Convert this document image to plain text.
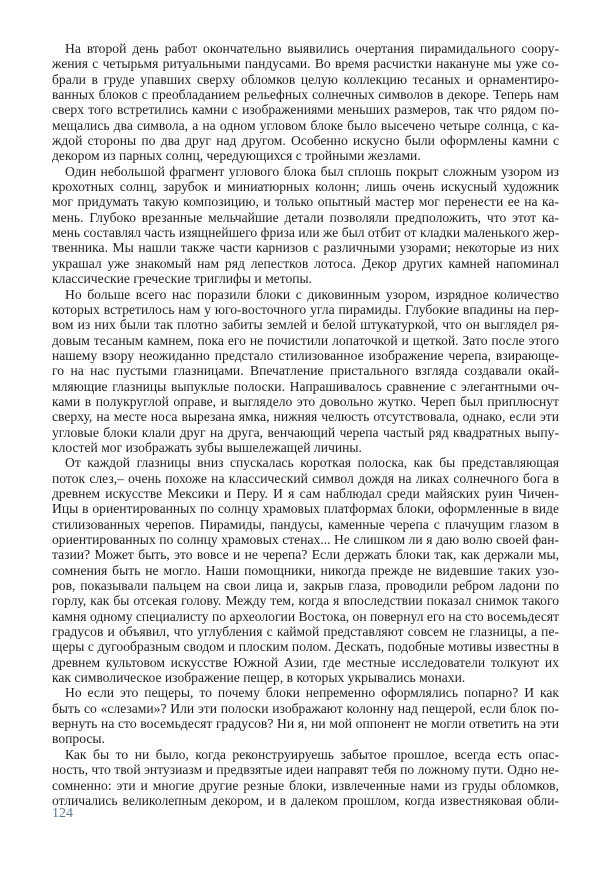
На второй день работ окончательно выявились очертания пирамидального соору-
жения с четырьмя ритуальными пандусами. Во время расчистки накануне мы уже со-
брали в груде упавших сверху обломков целую коллекцию тесаных и орнаментиро-
ванных блоков с преобладанием рельефных солнечных символов в декоре. Теперь нам
сверх того встретились камни с изображениями меньших размеров, так что рядом по-
мещались два символа, а на одном угловом блоке было высечено четыре солнца, с ка-
ждой стороны по два друг над другом. Особенно искусно были оформлены камни с
декором из парных солнц, чередующихся с тройными жезлами.
Один небольшой фрагмент углового блока был сплошь покрыт сложным узором из
крохотных солнц, зарубок и миниатюрных колонн; лишь очень искусный художник
мог придумать такую композицию, и только опытный мастер мог перенести ее на ка-
мень. Глубоко врезанные мельчайшие детали позволяли предположить, что этот ка-
мень составлял часть изящнейшего фриза или же был отбит от кладки маленького жер-
твенника. Мы нашли также части карнизов с различными узорами; некоторые из них
украшал уже знакомый нам ряд лепестков лотоса. Декор других камней напоминал
классические греческие триглифы и метопы.
Но больше всего нас поразили блоки с диковинным узором, изрядное количество
которых встретилось нам у юго-восточного угла пирамиды. Глубокие впадины на пер-
вом из них были так плотно забиты землей и белой штукатуркой, что он выглядел ря-
довым тесаным камнем, пока его не почистили лопаточкой и щеткой. Зато после этого
нашему взору неожиданно предстало стилизованное изображение черепа, взирающе-
го на нас пустыми глазницами. Впечатление пристального взгляда создавали окай-
мляющие глазницы выпуклые полоски. Напрашивалось сравнение с элегантными оч-
ками в полукруглой оправе, и выглядело это довольно жутко. Череп был приплюснут
сверху, на месте носа вырезана ямка, нижняя челюсть отсутствовала, однако, если эти
угловые блоки клали друг на друга, венчающий черепа частый ряд квадратных выпу-
клостей мог изображать зубы вышележащей личины.
От каждой глазницы вниз спускалась короткая полоска, как бы представляющая
поток слез,– очень похоже на классический символ дождя на ликах солнечного бога в
древнем искусстве Мексики и Перу. И я сам наблюдал среди майяских руин Чичен-
Ицы в ориентированных по солнцу храмовых платформах блоки, оформленные в виде
стилизованных черепов. Пирамиды, пандусы, каменные черепа с плачущим глазом в
ориентированных по солнцу храмовых стенах... Не слишком ли я даю волю своей фан-
тазии? Может быть, это вовсе и не черепа? Если держать блоки так, как держали мы,
сомнения быть не могло. Наши помощники, никогда прежде не видевшие таких узо-
ров, показывали пальцем на свои лица и, закрыв глаза, проводили ребром ладони по
горлу, как бы отсекая голову. Между тем, когда я впоследствии показал снимок такого
камня одному специалисту по археологии Востока, он повернул его на сто восемьдесят
градусов и объявил, что углубления с каймой представляют совсем не глазницы, а пе-
щеры с дугообразным сводом и плоским полом. Дескать, подобные мотивы известны в
древнем культовом искусстве Южной Азии, где местные исследователи толкуют их
как символическое изображение пещер, в которых укрывались монахи.
Но если это пещеры, то почему блоки непременно оформлялись попарно? И как
быть со «слезами»? Или эти полоски изображают колонну над пещерой, если блок по-
вернуть на сто восемьдесят градусов? Ни я, ни мой оппонент не могли ответить на эти
вопросы.
Как бы то ни было, когда реконструируешь забытое прошлое, всегда есть опас-
ность, что твой энтузиазм и предвзятые идеи направят тебя по ложному пути. Одно не-
сомненно: эти и многие другие резные блоки, извлеченные нами из груды обломков,
отличались великолепным декором, и в далеком прошлом, когда известняковая обли-
124
